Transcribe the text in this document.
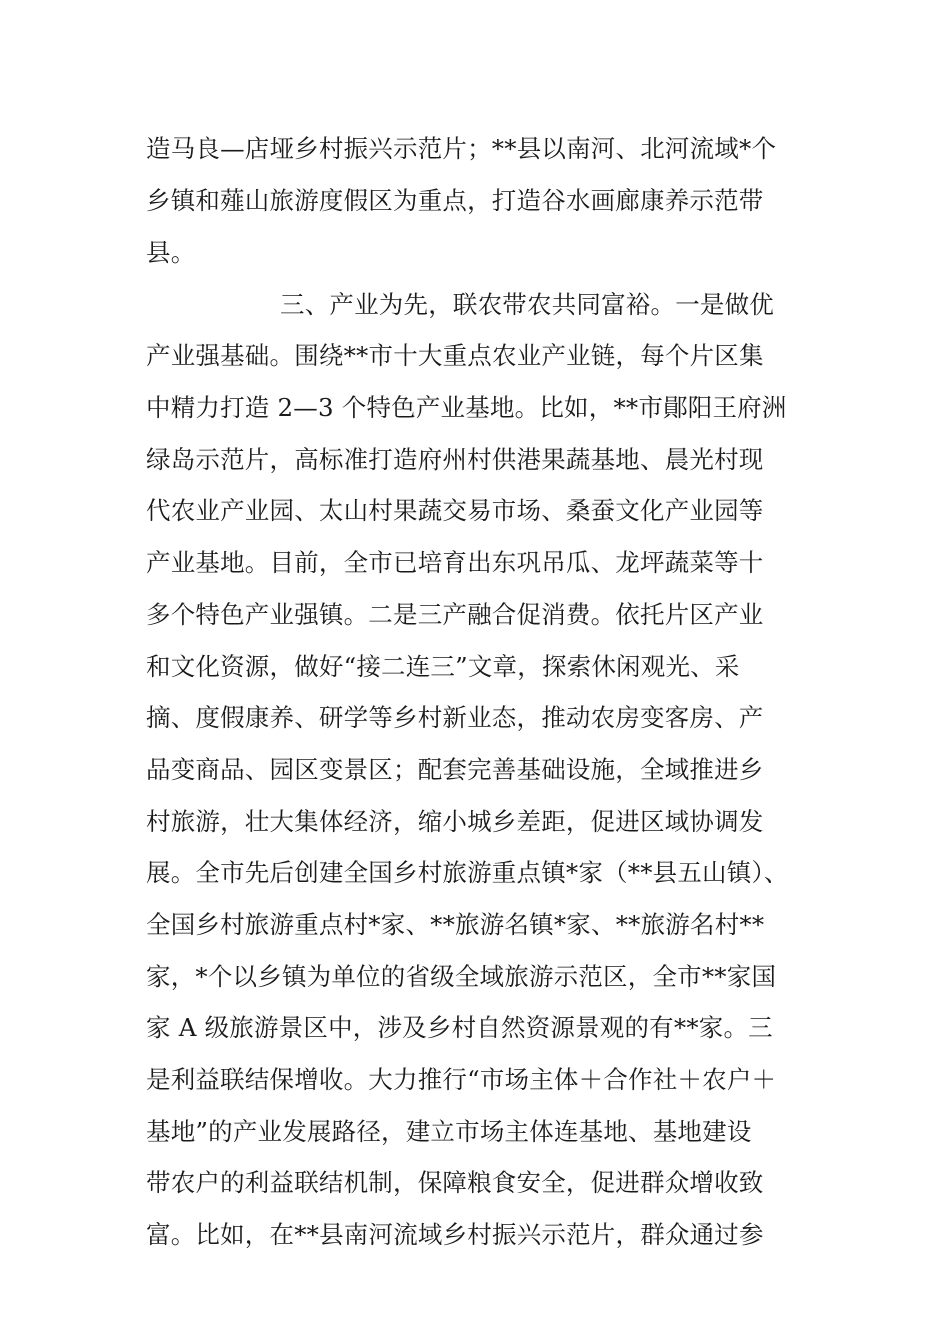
造马良—店垭乡村振兴示范片；**县以南河、北河流域*个
乡镇和薤山旅游度假区为重点，打造谷水画廊康养示范带
县。
三、产业为先，联农带农共同富裕。一是做优
产业强基础。围绕**市十大重点农业产业链，每个片区集
中精力打造 2—3 个特色产业基地。比如，**市鄖阳王府洲
绿岛示范片，高标准打造府州村供港果蔬基地、晨光村现
代农业产业园、太山村果蔬交易市场、桑蚕文化产业园等
产业基地。目前，全市已培育出东巩吊瓜、龙坪蔬菜等十
多个特色产业强镇。二是三产融合促消费。依托片区产业
和文化资源，做好“接二连三”文章，探索休闲观光、采
摘、度假康养、研学等乡村新业态，推动农房变客房、产
品变商品、园区变景区；配套完善基础设施，全域推进乡
村旅游，壮大集体经济，缩小城乡差距，促进区域协调发
展。全市先后创建全国乡村旅游重点镇*家（**县五山镇）、
全国乡村旅游重点村*家、**旅游名镇*家、**旅游名村**
家，*个以乡镇为单位的省级全域旅游示范区，全市**家国
家 A 级旅游景区中，涉及乡村自然资源景观的有**家。三
是利益联结保增收。大力推行“市场主体＋合作社＋农户＋
基地”的产业发展路径，建立市场主体连基地、基地建设
带农户的利益联结机制，保障粮食安全，促进群众增收致
富。比如，在**县南河流域乡村振兴示范片，群众通过参
